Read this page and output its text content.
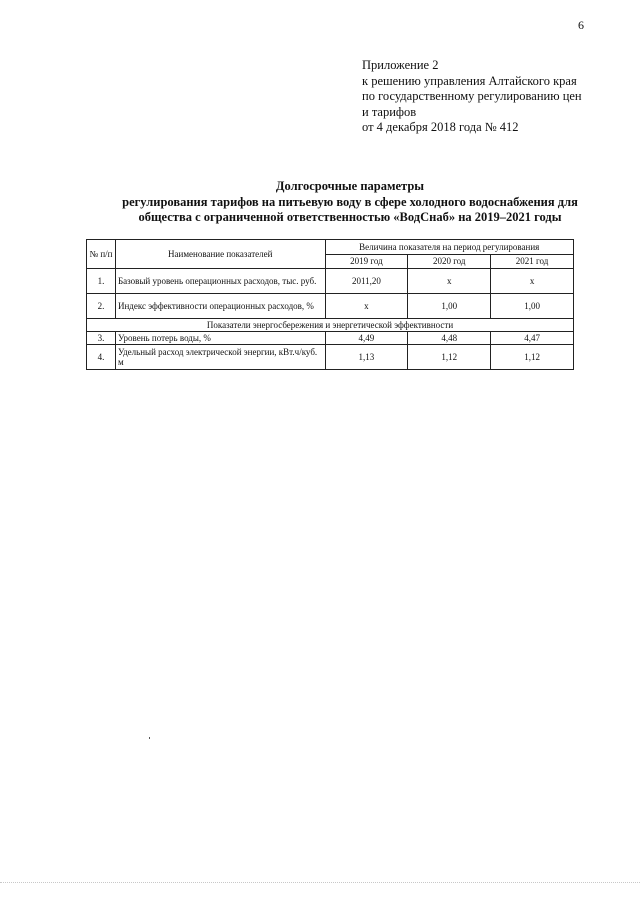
6
Приложение 2
к решению управления Алтайского края
по государственному регулированию цен
и тарифов
от 4 декабря 2018 года № 412
Долгосрочные параметры
регулирования тарифов на питьевую воду в сфере холодного водоснабжения для
общества с ограниченной ответственностью «ВодСнаб» на 2019–2021 годы
№ п/п	Наименование показателей	Величина показателя на период регулирования		
		2019 год	2020 год	2021 год
1.	Базовый уровень операционных расходов, тыс. руб.	2011,20	x	x
2.	Индекс эффективности операционных расходов, %	x	1,00	1,00
Показатели энергосбережения и энергетической эффективности				
3.	Уровень потерь воды, %	4,49	4,48	4,47
4.	Удельный расход электрической энергии, кВт.ч/куб. м	1,13	1,12	1,12
